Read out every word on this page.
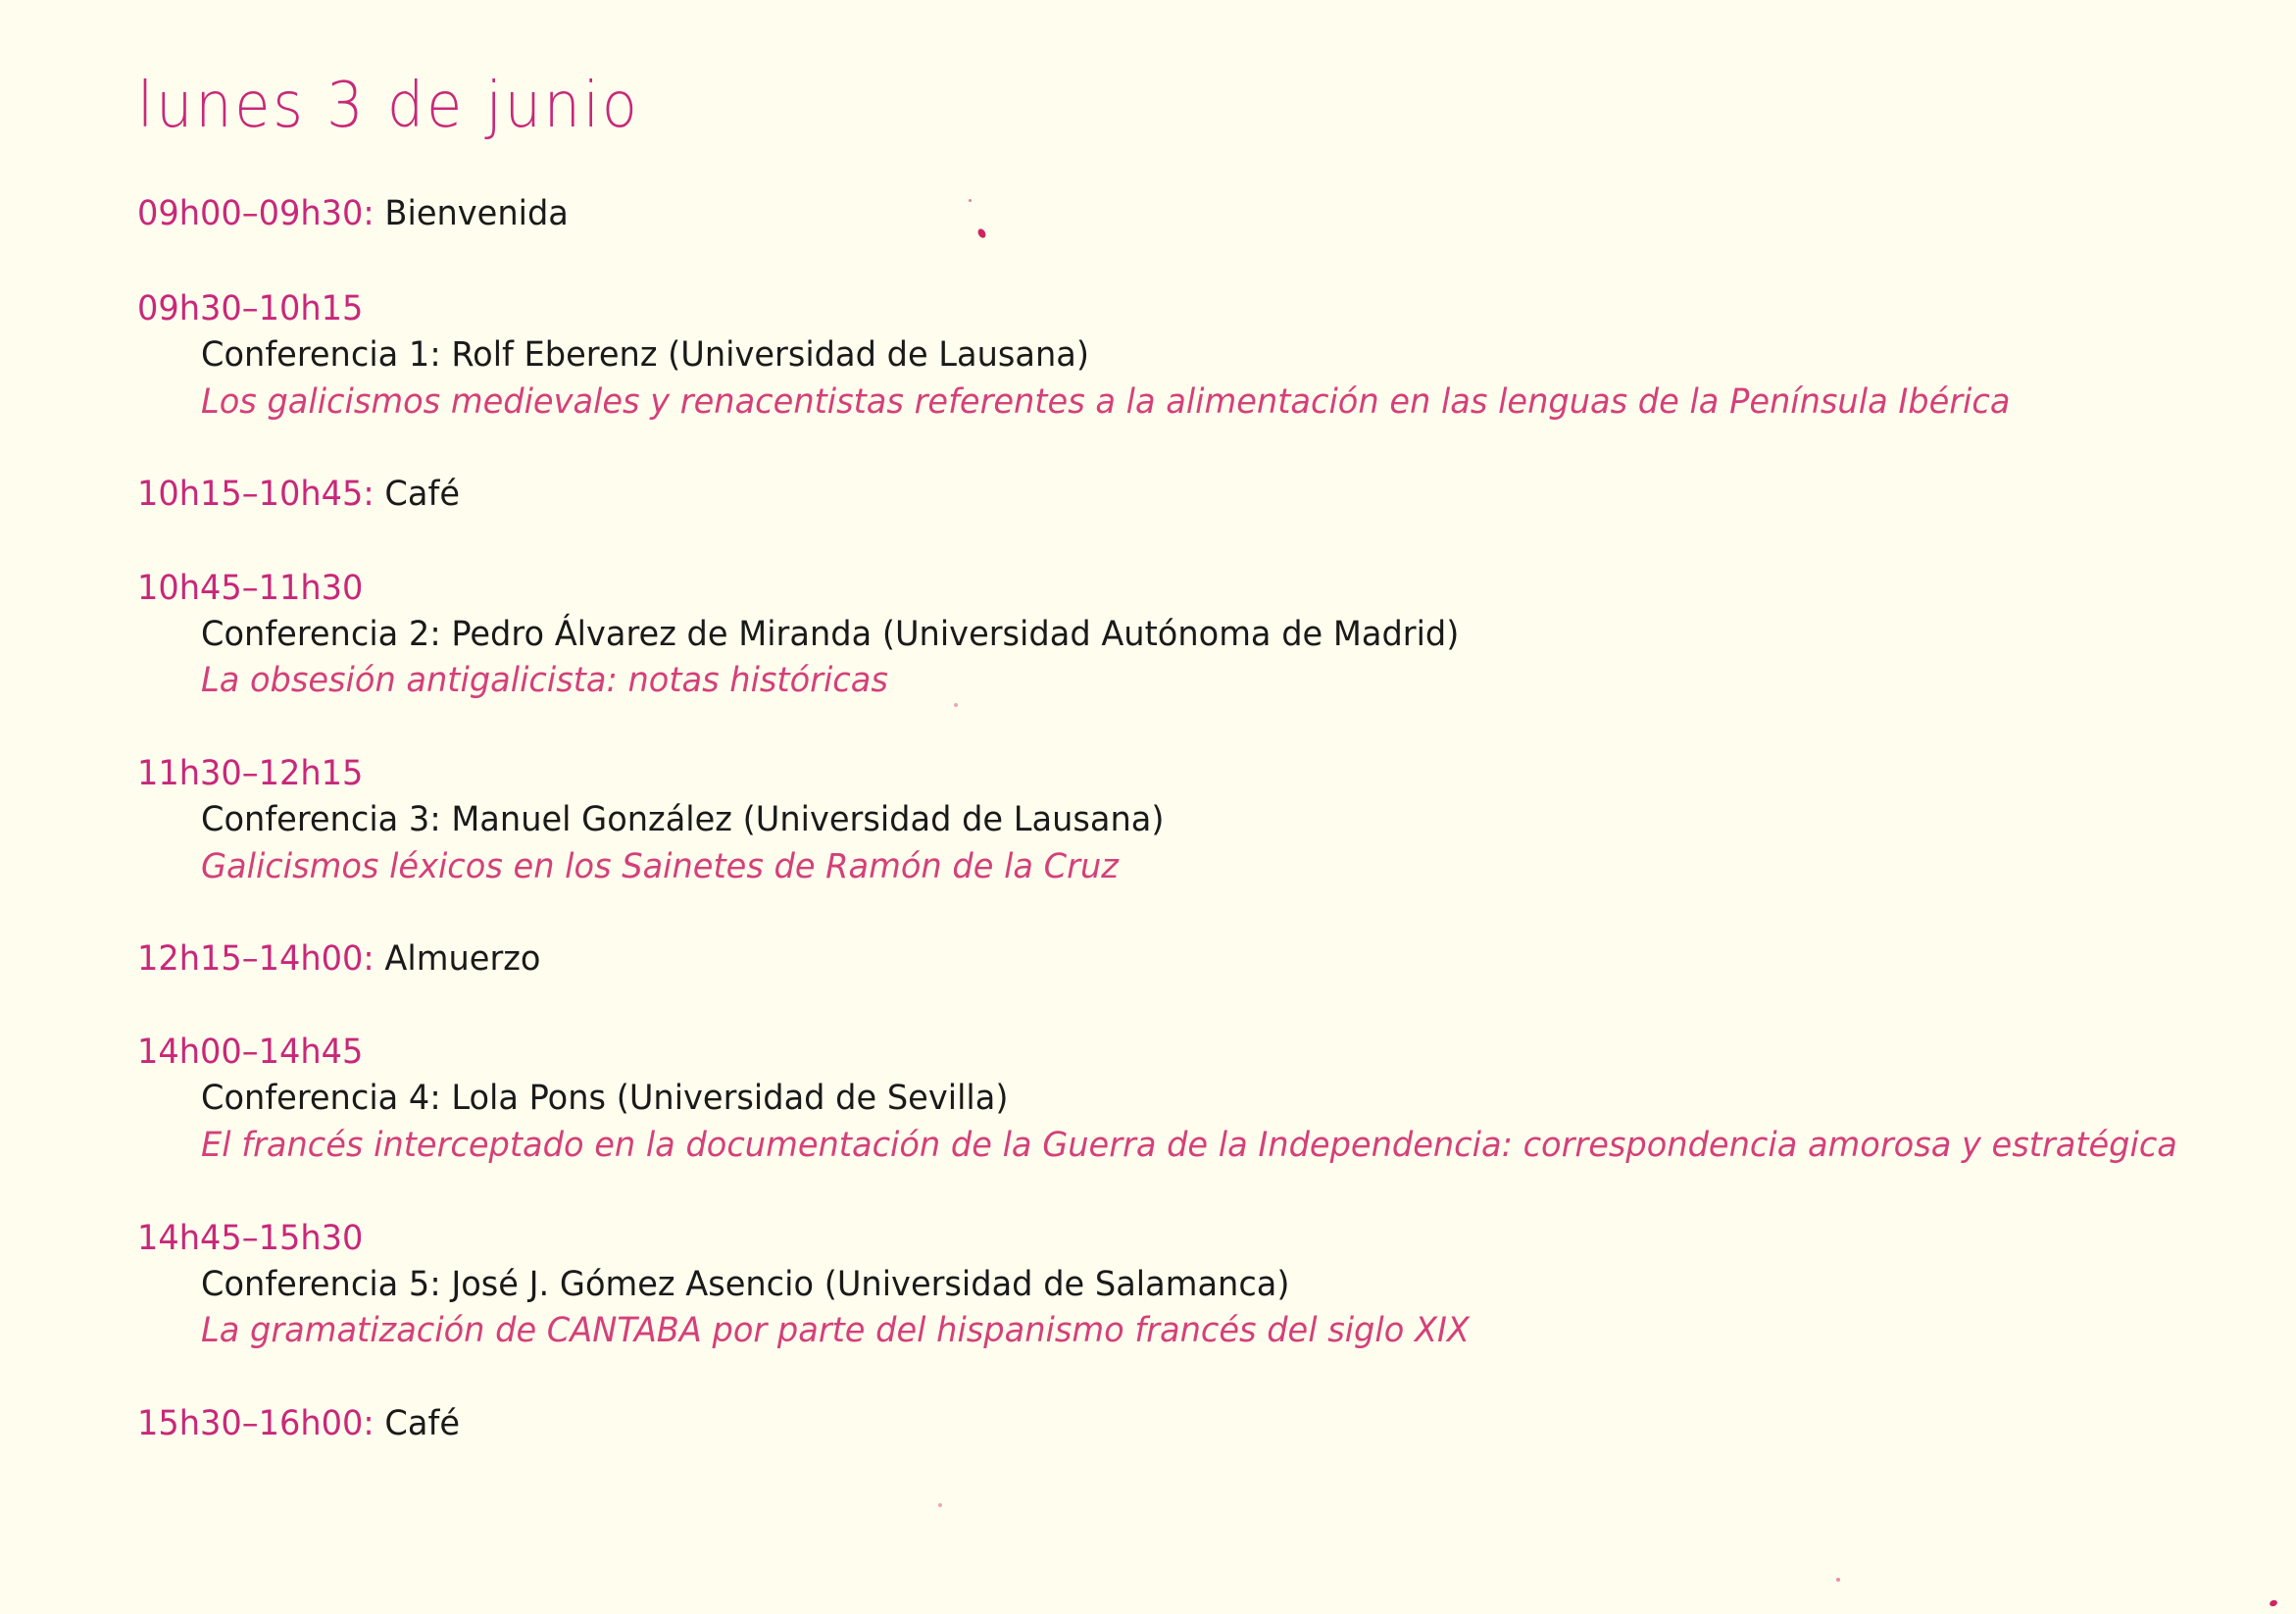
lunes 3 de junio
09h00–09h30: Bienvenida
09h30–10h15
Conferencia 1: Rolf Eberenz (Universidad de Lausana)
Los galicismos medievales y renacentistas referentes a la alimentación en las lenguas de la Península Ibérica
10h15–10h45: Café
10h45–11h30
Conferencia 2: Pedro Álvarez de Miranda (Universidad Autónoma de Madrid)
La obsesión antigalicista: notas históricas
11h30–12h15
Conferencia 3: Manuel González (Universidad de Lausana)
Galicismos léxicos en los Sainetes de Ramón de la Cruz
12h15–14h00: Almuerzo
14h00–14h45
Conferencia 4: Lola Pons (Universidad de Sevilla)
El francés interceptado en la documentación de la Guerra de la Independencia: correspondencia amorosa y estratégica
14h45–15h30
Conferencia 5: José J. Gómez Asencio (Universidad de Salamanca)
La gramatización de CANTABA por parte del hispanismo francés del siglo XIX
15h30–16h00: Café
